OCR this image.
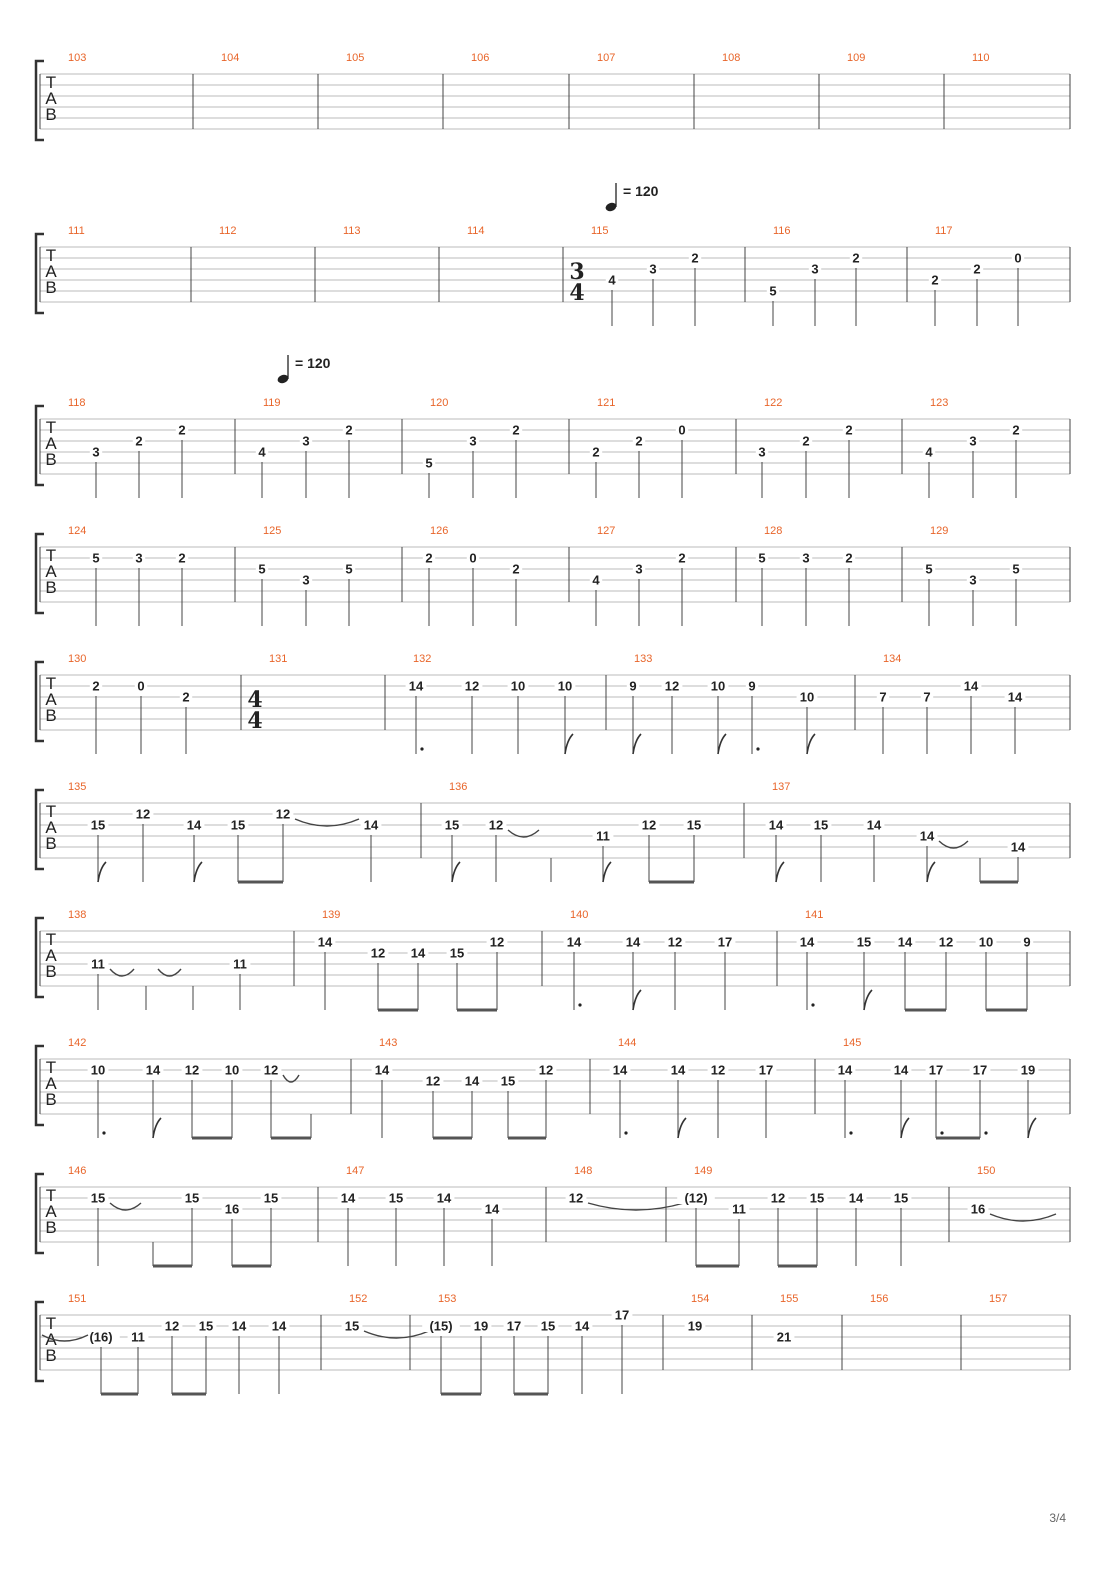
T
A
B
103	104	105	106	107	108	109	110
T
A
B
111	112	113	114	115
3
4
= 120
4
3
2
116
5
3
2
117
2
2
0
T
A
B
118
3
2
2
119
= 120
4
3
2
120
5
3
2
121
2
2
0
122
3
2
2
123
4
3
2
T
A
B
124
5	3	2
125
5
3
5
126
2	0
2
127
4
3
2
128
5	3	2
129
5
3
5
T
A
B
130
2	0
2
131
4
4
132
14	12 10	10
133
9 12 10 9
10
134
7	7
14
14
T
A
B
135
15
12
14 15
12
14
136
15 12
11
12 15
137
14 15	14
14
14
T
A
B
138
11	11
139
14
12 14 15
12
140
14	14 12	17
141
14	15 14 12 10 9
T
A
B
142
10	14 12 10 12
143
14
12 14 15
12
144
14	14 12	17
145
14	14 17 17	19
T
A
B
146
15	15
16
15
147
14	15	14
14
148
12
149
(12)
11
12 15 14 15
150
16
T
A
B
151
(16) 11
12 15 14 14
152
15
153
(15) 19 17 15 14
17
154
19
155
21
156	157
3/4
